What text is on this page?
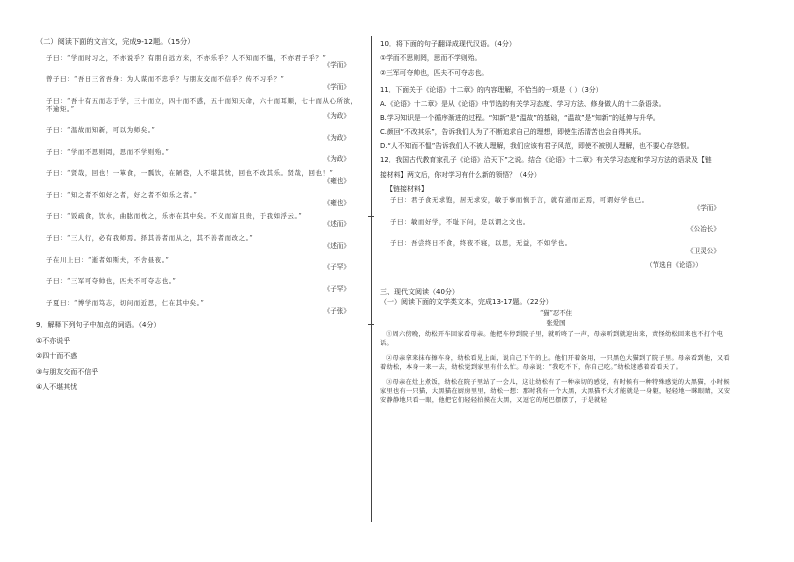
（二）阅读下面的文言文，完成9-12题。（15分）
子曰：“学而时习之，不亦说乎？有朋自远方来，不亦乐乎？人不知而不愠，不亦君子乎？”
《学而》
曾子曰：“吾日三省吾身：为人谋而不忠乎？与朋友交而不信乎？传不习乎？”
《学而》
子曰：“吾十有五而志于学，三十而立，四十而不惑，五十而知天命，六十而耳顺，七十而从心所欲，
不逾矩。”
《为政》
子曰：“温故而知新，可以为师矣。”
《为政》
子曰：“学而不思则罔，思而不学则殆。”
《为政》
子曰：“贤哉，回也！一箪食，一瓢饮，在陋巷，人不堪其忧，回也不改其乐。贤哉，回也！”
《雍也》
子曰：“知之者不如好之者，好之者不如乐之者。”
《雍也》
子曰：“饭疏食，饮水，曲肱而枕之，乐亦在其中矣。不义而富且贵，于我如浮云。”
《述而》
子曰：“三人行，必有我师焉。择其善者而从之，其不善者而改之。”
《述而》
子在川上曰：“逝者如斯夫，不舍昼夜。”
《子罕》
子曰：“三军可夺帅也，匹夫不可夺志也。”
《子罕》
子夏曰：“博学而笃志，切问而近思，仁在其中矣。”
《子张》
9．解释下列句子中加点的词语。（4分）
①不亦说乎
②四十而不惑
③与朋友交而不信乎
④人不堪其忧
10．将下面的句子翻译成现代汉语。（4分）
①学而不思则罔，思而不学则殆。
②三军可夺帅也，匹夫不可夺志也。
11．下面关于《论语》十二章》的内容理解，不恰当的一项是（ ）（3分）
A.《论语》十二章》是从《论语》中节选的有关学习态度、学习方法、修身做人的十二条语录。
B.学习知识是一个循序渐进的过程。“知新”是“温故”的基础，“温故”是“知新”的延伸与升华。
C.颜回“不改其乐”，告诉我们人为了不断追求自己的理想，即使生活清苦也会自得其乐。
D.“人不知而不愠”告诉我们人不被人理解，我们应该有君子风范，即使不被别人理解，也不要心存怨恨。
12．我国古代教育家孔子《论语》洽天下”之说。结合《论语》十二章》有关学习态度和学习方法的语录及【链
接材料】两文后，你对学习有什么新的领悟？（4分）
【链接材料】
子曰：君子食无求饱，居无求安，敏于事而慎于言，就有道而正焉，可谓好学也已。
《学而》
子曰：敏而好学，不耻下问，是以谓之文也。
《公冶长》
子曰：吾尝终日不食，终夜不寝，以思，无益，不如学也。
《卫灵公》
（节选自《论语》）
三、现代文阅读（40分）
（一）阅读下面的文学类文本，完成13-17题。（22分）
“猫”忍不住
张爱国
①周六傍晚，幼松开车回家看母亲。他把车停到院子里，就听咚了一声，母亲听到就迎出来，责怪幼松回来也不打个电话。
②母亲拿来抹布擦车身，幼松看见上面，说自己下午的上。他们开着备用，一只黑色大猫到了院子里。母亲看到他，又看着幼松，本身一来一去，幼松觉到家里有什么忙。母亲说：“我吃不下，你自己吃。”幼松迷惑着看看天了。
③母亲在灶上煮饭，幼松在院子里站了一会儿，这让幼松有了一种亲切的感觉，有时候有一种特殊感觉的大黑猫，小时候家里也有一只猫，大黑猫在厨房里里，幼松一想：那时我有一个大黑，大黑猫不大才能就是一身躯，轻轻地一眯眼睛，又安安静静地只看一眼，他把它们轻轻拍摸在大黑，又逗它的尾巴摆摆了，于是就轻
